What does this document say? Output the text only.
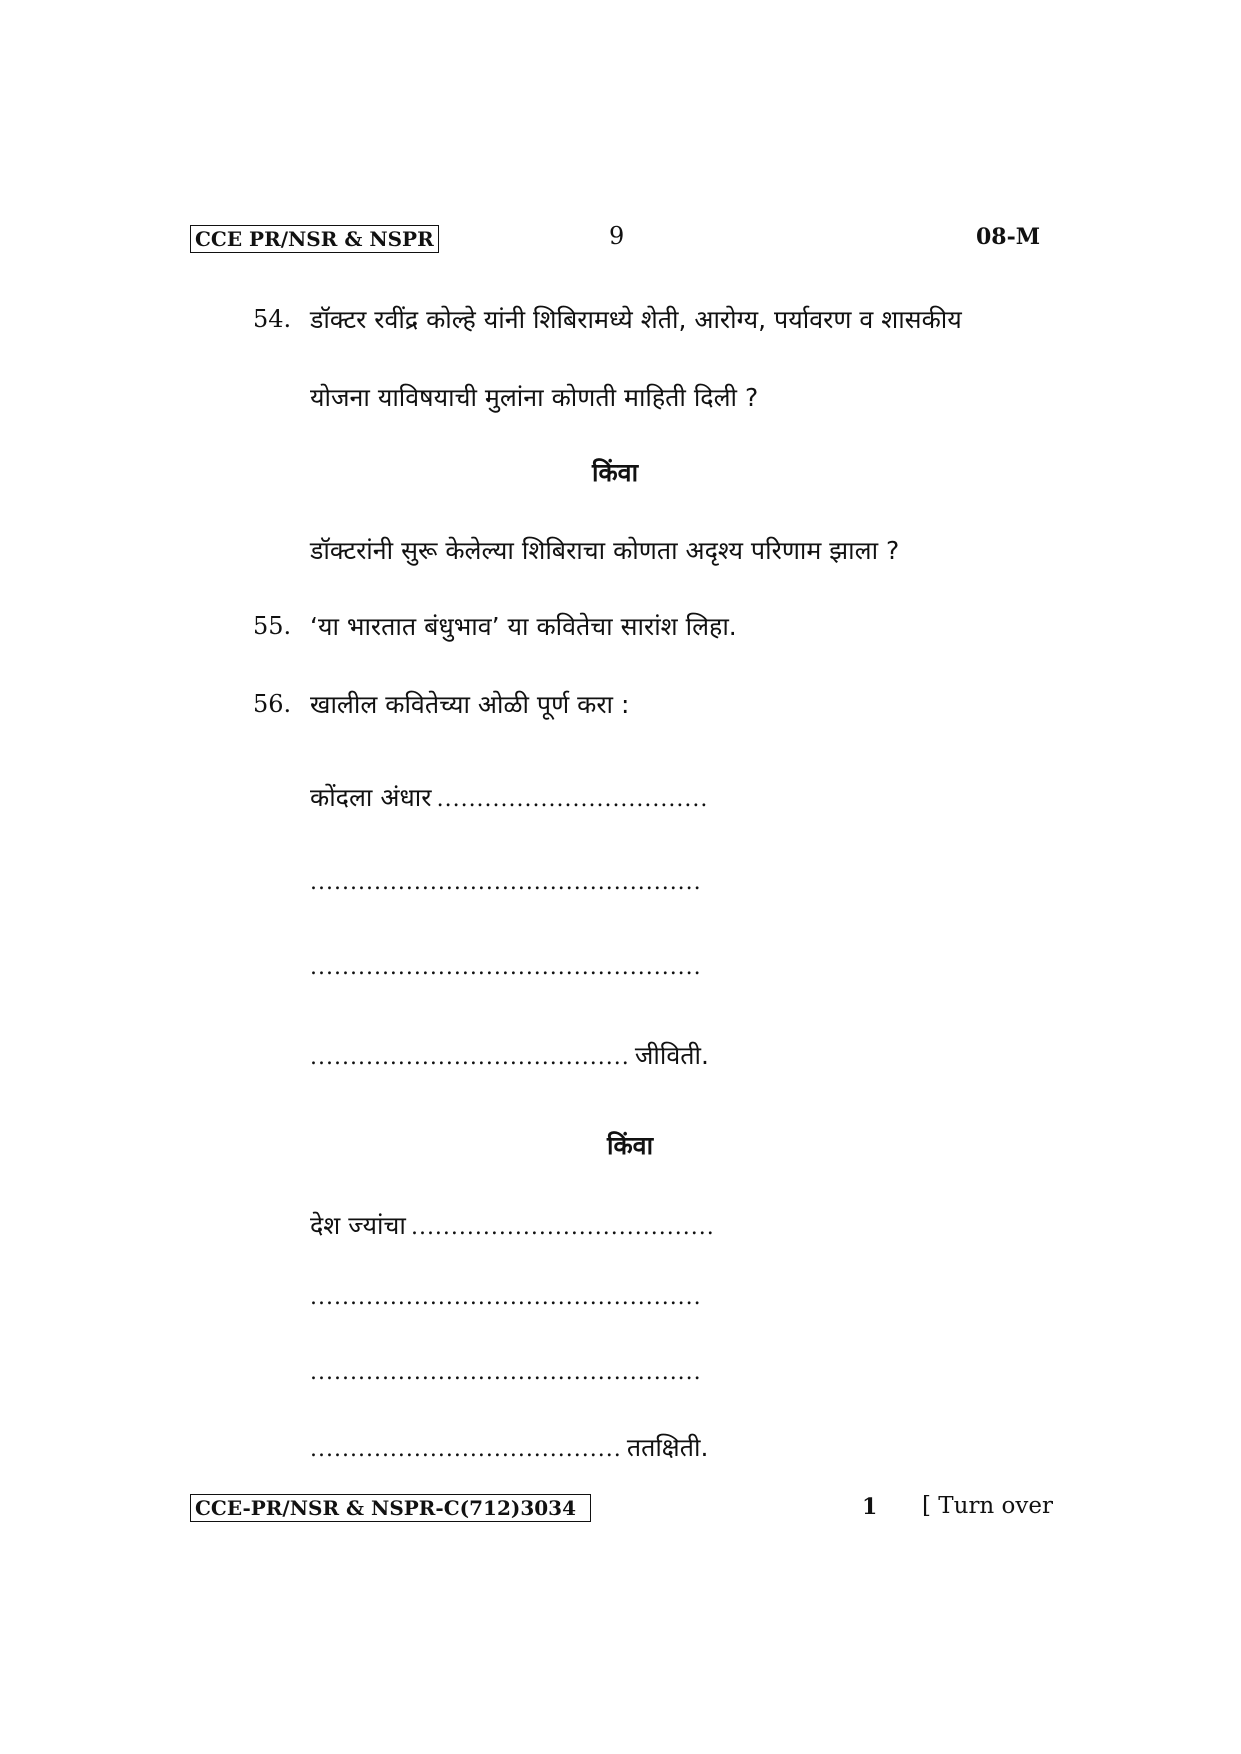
CCE PR/NSR & NSPR	9	08-M
54. डॉक्टर रवींद्र कोल्हे यांनी शिबिरामध्ये शेती, आरोग्य, पर्यावरण व शासकीय
योजना याविषयाची मुलांना कोणती माहिती दिली ?
किंवा
डॉक्टरांनी सुरू केलेल्या शिबिराचा कोणता अदृश्य परिणाम झाला ?
55. ‘या भारतात बंधुभाव’ या कवितेचा सारांश लिहा.
56. खालील कवितेच्या ओळी पूर्ण करा :
कोंदला अंधार ..................................
.................................................
.................................................
........................................ जीविती.
किंवा
देश ज्यांचा ......................................
.................................................
.................................................
....................................... ततक्षिती.
CCE-PR/NSR & NSPR-C(712)3034	1 [ Turn over
